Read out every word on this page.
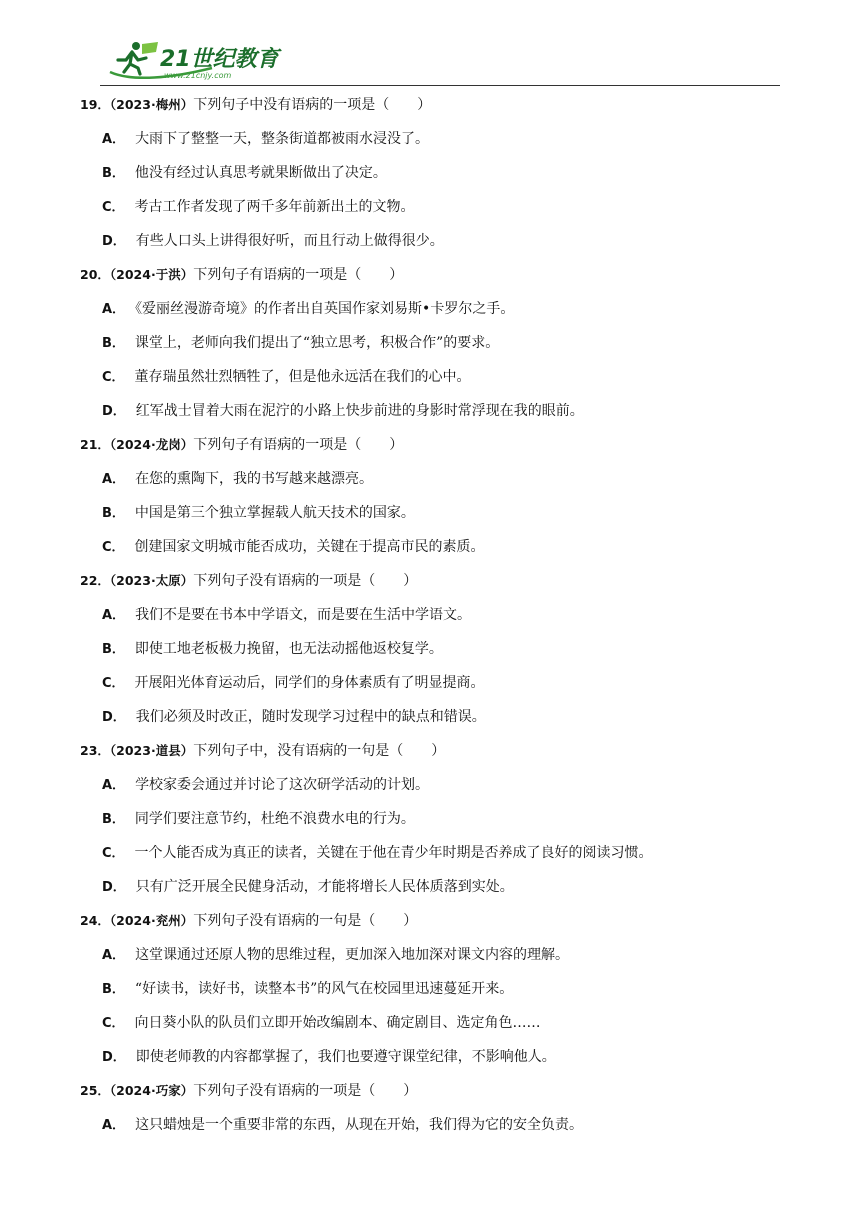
21世纪教育
www.21cnjy.com
19．（2023·梅州）下列句子中没有语病的一项是（　　）
A． 大雨下了整整一天，整条街道都被雨水浸没了。
B． 他没有经过认真思考就果断做出了决定。
C． 考古工作者发现了两千多年前新出土的文物。
D． 有些人口头上讲得很好听，而且行动上做得很少。
20．（2024·于洪）下列句子有语病的一项是（　　）
A． 《爱丽丝漫游奇境》的作者出自英国作家刘易斯•卡罗尔之手。
B． 课堂上，老师向我们提出了“独立思考，积极合作”的要求。
C． 董存瑞虽然壮烈牺牲了，但是他永远活在我们的心中。
D． 红军战士冒着大雨在泥泞的小路上快步前进的身影时常浮现在我的眼前。
21．（2024·龙岗）下列句子有语病的一项是（　　）
A． 在您的熏陶下，我的书写越来越漂亮。
B． 中国是第三个独立掌握载人航天技术的国家。
C． 创建国家文明城市能否成功，关键在于提高市民的素质。
22．（2023·太原）下列句子没有语病的一项是（　　）
A． 我们不是要在书本中学语文，而是要在生活中学语文。
B． 即使工地老板极力挽留，也无法动摇他返校复学。
C． 开展阳光体育运动后，同学们的身体素质有了明显提商。
D． 我们必须及时改正，随时发现学习过程中的缺点和错误。
23．（2023·道县）下列句子中，没有语病的一句是（　　）
A． 学校家委会通过并讨论了这次研学活动的计划。
B． 同学们要注意节约，杜绝不浪费水电的行为。
C． 一个人能否成为真正的读者，关键在于他在青少年时期是否养成了良好的阅读习惯。
D． 只有广泛开展全民健身活动，才能将增长人民体质落到实处。
24．（2024·兖州）下列句子没有语病的一句是（　　）
A． 这堂课通过还原人物的思维过程，更加深入地加深对课文内容的理解。
B． “好读书，读好书，读整本书”的风气在校园里迅速蔓延开来。
C． 向日葵小队的队员们立即开始改编剧本、确定剧目、选定角色……
D． 即使老师教的内容都掌握了，我们也要遵守课堂纪律，不影响他人。
25．（2024·巧家）下列句子没有语病的一项是（　　）
A． 这只蜡烛是一个重要非常的东西，从现在开始，我们得为它的安全负责。
